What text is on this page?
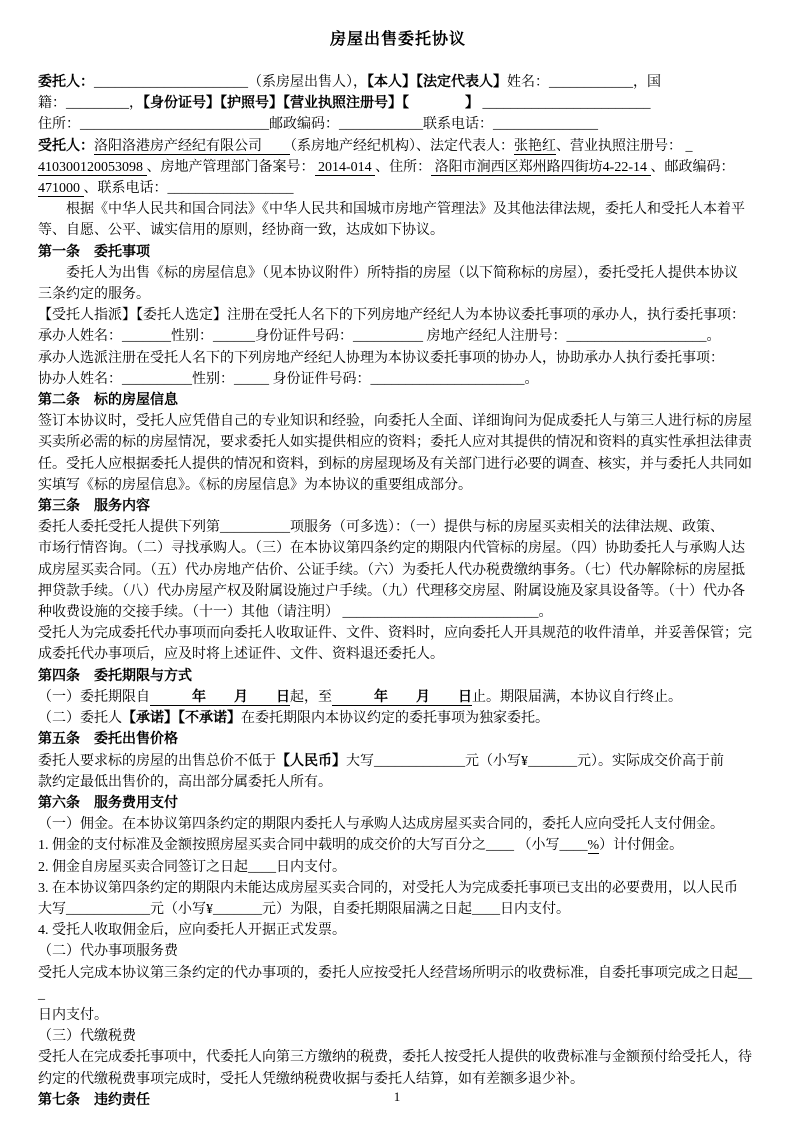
房屋出售委托协议
委托人：______________________（系房屋出售人），【本人】【法定代表人】姓名：____________，国
籍：_________，【身份证号】【护照号】【营业执照注册号】【　　　　】 ________________________
住所：___________________________邮政编码：____________联系电话：_______________
受托人：洛阳洛港房产经纪有限公司　　（系房地产经纪机构）、法定代表人：张艳红、营业执照注册号： _
410300120053098 、房地产管理部门备案号： 2014-014 、住所： 洛阳市涧西区郑州路四街坊4-22-14 、邮政编码：
471000 、联系电话：__________________
　　根据《中华人民共和国合同法》《中华人民共和国城市房地产管理法》及其他法律法规，委托人和受托人本着平
等、自愿、公平、诚实信用的原则，经协商一致，达成如下协议。
第一条　委托事项
　　委托人为出售《标的房屋信息》（见本协议附件）所特指的房屋（以下简称标的房屋），委托受托人提供本协议
三条约定的服务。
【受托人指派】【委托人选定】注册在受托人名下的下列房地产经纪人为本协议委托事项的承办人，执行委托事项：
承办人姓名：_______性别：______身份证件号码：__________ 房地产经纪人注册号：____________________。
承办人选派注册在受托人名下的下列房地产经纪人协理为本协议委托事项的协办人，协助承办人执行委托事项：
协办人姓名：__________性别：_____ 身份证件号码：______________________。
第二条　标的房屋信息
签订本协议时，受托人应凭借自己的专业知识和经验，向委托人全面、详细询问为促成委托人与第三人进行标的房屋
买卖所必需的标的房屋情况，要求委托人如实提供相应的资料；委托人应对其提供的情况和资料的真实性承担法律责
任。受托人应根据委托人提供的情况和资料，到标的房屋现场及有关部门进行必要的调查、核实，并与委托人共同如
实填写《标的房屋信息》。《标的房屋信息》为本协议的重要组成部分。
第三条　服务内容
委托人委托受托人提供下列第__________项服务（可多选）：（一）提供与标的房屋买卖相关的法律法规、政策、
市场行情咨询。（二）寻找承购人。（三）在本协议第四条约定的期限内代管标的房屋。（四）协助委托人与承购人达
成房屋买卖合同。（五）代办房地产估价、公证手续。（六）为委托人代办税费缴纳事务。（七）代办解除标的房屋抵
押贷款手续。（八）代办房屋产权及附属设施过户手续。（九）代理移交房屋、附属设施及家具设备等。（十）代办各
种收费设施的交接手续。（十一）其他（请注明） ____________________________。
受托人为完成委托代办事项而向委托人收取证件、文件、资料时，应向委托人开具规范的收件清单，并妥善保管；完
成委托代办事项后，应及时将上述证件、文件、资料退还委托人。
第四条　委托期限与方式
（一）委托期限自　　　	年　　 月　　 日起，至　　　	年　　 月　　 日止。期限届满，本协议自行终止。
（二）委托人【承诺】【不承诺】在委托期限内本协议约定的委托事项为独家委托。
第五条　委托出售价格
委托人要求标的房屋的出售总价不低于【人民币】大写_____________元（小写¥_______元）。实际成交价高于前
款约定最低出售价的，高出部分属委托人所有。
第六条　服务费用支付
（一）佣金。在本协议第四条约定的期限内委托人与承购人达成房屋买卖合同的，委托人应向受托人支付佣金。
1. 佣金的支付标准及金额按照房屋买卖合同中载明的成交价的大写百分之____ （小写____%）计付佣金。
2. 佣金自房屋买卖合同签订之日起____日内支付。
3. 在本协议第四条约定的期限内未能达成房屋买卖合同的，对受托人为完成委托事项已支出的必要费用，以人民币
大写____________元（小写¥_______元）为限，自委托期限届满之日起____日内支付。
4. 受托人收取佣金后，应向委托人开据正式发票。
（二）代办事项服务费
受托人完成本协议第三条约定的代办事项的，委托人应按受托人经营场所明示的收费标准，自委托事项完成之日起___
日内支付。
（三）代缴税费
受托人在完成委托事项中，代委托人向第三方缴纳的税费，委托人按受托人提供的收费标准与金额预付给受托人，待
约定的代缴税费事项完成时，受托人凭缴纳税费收据与委托人结算，如有差额多退少补。
第七条　违约责任	1
